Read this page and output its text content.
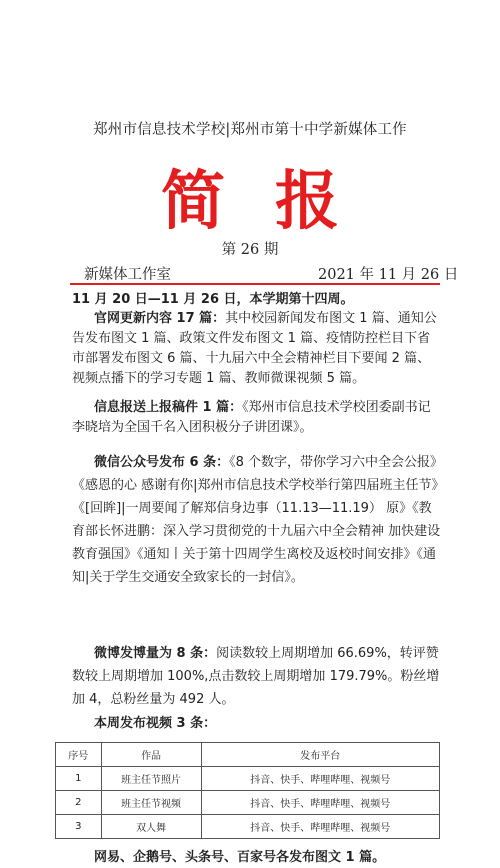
郑州市信息技术学校|郑州市第十中学新媒体工作
简报
第 26 期
新媒体工作室	2021 年 11 月 26 日
11 月 20 日—11 月 26 日，本学期第十四周。
官网更新内容 17 篇：其中校园新闻发布图文 1 篇、通知公告发布图文 1 篇、政策文件发布图文 1 篇、疫情防控栏目下省市部署发布图文 6 篇、十九届六中全会精神栏目下要闻 2 篇、视频点播下的学习专题 1 篇、教师微课视频 5 篇。
信息报送上报稿件 1 篇：《郑州市信息技术学校团委副书记李晓培为全国千名入团积极分子讲团课》。
微信公众号发布 6 条：《8 个数字，带你学习六中全会公报》《感恩的心 感谢有你|郑州市信息技术学校举行第四届班主任节》《[回眸]|一周要闻了解郑信身边事（11.13—11.19） 原》《教育部长怀进鹏：深入学习贯彻党的十九届六中全会精神 加快建设教育强国》《通知丨关于第十四周学生离校及返校时间安排》《通知|关于学生交通安全致家长的一封信》。
微博发博量为 8 条：阅读数较上周期增加 66.69%，转评赞数较上周期增加 100%,点击数较上周期增加 179.79%。粉丝增加 4，总粉丝量为 492 人。
本周发布视频 3 条：
序号	作品	发布平台
1	班主任节照片	抖音、快手、哔哩哔哩、视频号
2	班主任节视频	抖音、快手、哔哩哔哩、视频号
3	双人舞	抖音、快手、哔哩哔哩、视频号
网易、企鹅号、头条号、百家号各发布图文 1 篇。
